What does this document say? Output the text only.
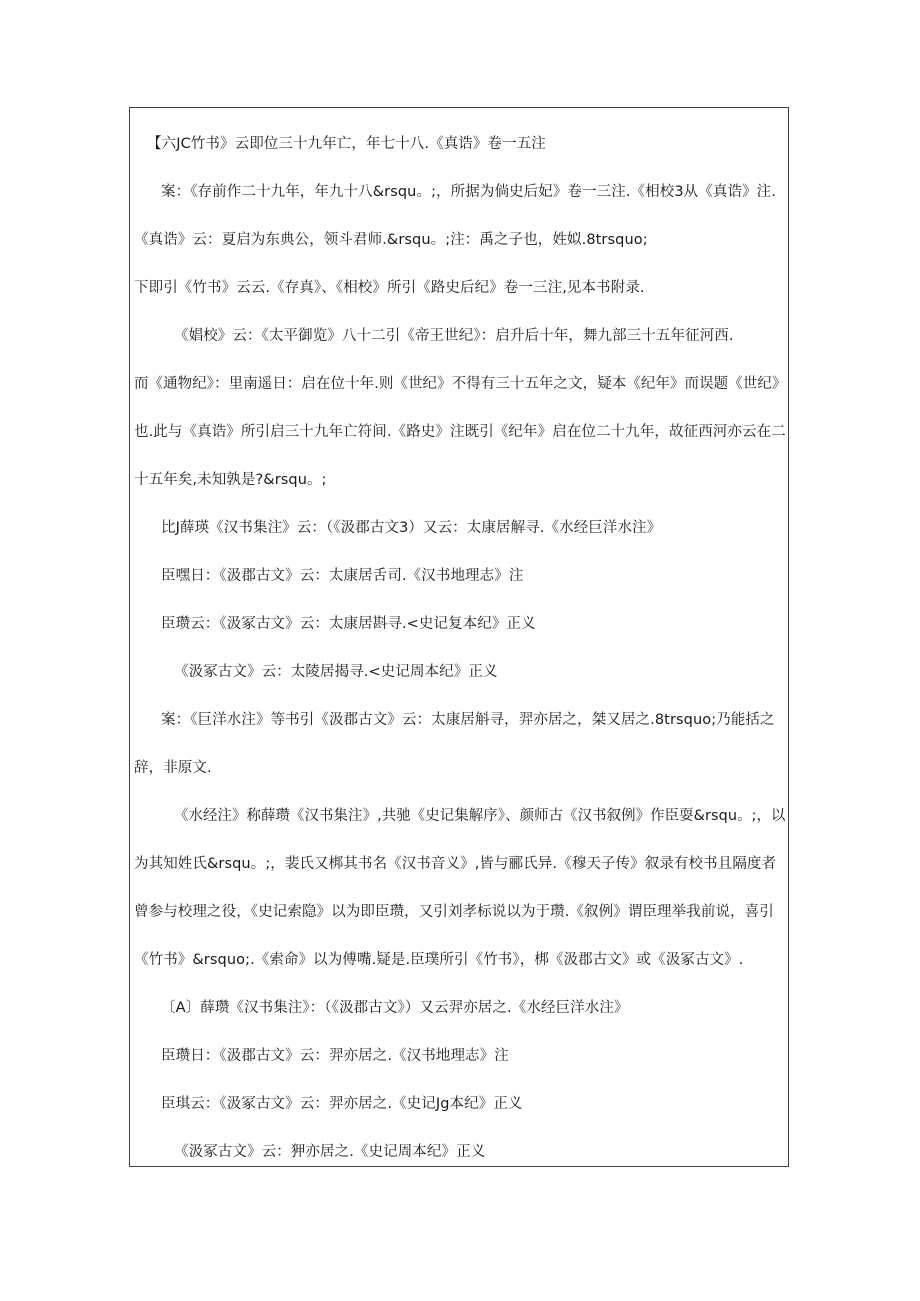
【六JC竹书》云即位三十九年亡，年七十八.《真诰》卷一五注
案：《存前作二十九年，年九十八&rsqu。;，所据为倘史后妃》卷一三注.《相校3从《真诰》注.
《真诰》云：夏启为东典公，领斗君师.&rsqu。;注：禹之子也，姓姒.8trsquo;
下即引《竹书》云云.《存真》、《相校》所引《路史后纪》卷一三注,见本书附录.
《娼校》云：《太平御览》八十二引《帝王世纪》：启升后十年，舞九部三十五年征河西.
而《通物纪》：里南遥日：启在位十年.则《世纪》不得有三十五年之文，疑本《纪年》而误题《世纪》
也.此与《真诰》所引启三十九年亡符间.《路史》注既引《纪年》启在位二十九年，故征西河亦云在二
十五年矣,未知孰是?&rsqu。;
比J薛瑛《汉书集注》云：（《汲郡古文3）又云：太康居解寻.《水经巨洋水注》
臣嘿日：《汲郡古文》云：太康居舌司.《汉书地理志》注
臣瓒云：《汲冢古文》云：太康居斟寻.<史记复本纪》正义
《汲冢古文》云：太陵居揭寻.<史记周本纪》正义
案：《巨洋水注》等书引《汲郡古文》云：太康居斛寻，羿亦居之，桀又居之.8trsquo;乃能括之
辞，非原文.
《水经注》称薛瓒《汉书集注》,共驰《史记集解序》、颜师古《汉书叙例》作臣耍&rsqu。;，以
为其知姓氏&rsqu。;，裴氏又梆其书名《汉书音义》,皆与郦氏异.《穆天子传》叙录有校书且隔度者
曾参与校理之役，《史记索隐》以为即臣瓒，又引刘孝标说以为于瓒.《叙例》谓臣理举我前说，喜引
《竹书》&rsquo;.《索命》以为傅嘴.疑是.臣璞所引《竹书》，梆《汲郡古文》或《汲冢古文》.
〔A〕薛瓒《汉书集注》：（《汲郡古文》）又云羿亦居之.《水经巨洋水注》
臣瓒日：《汲郡古文》云：羿亦居之.《汉书地理志》注
臣琪云：《汲冢古文》云：羿亦居之.《史记Jg本纪》正义
《汲冢古文》云：狎亦居之.《史记周本纪》正义
